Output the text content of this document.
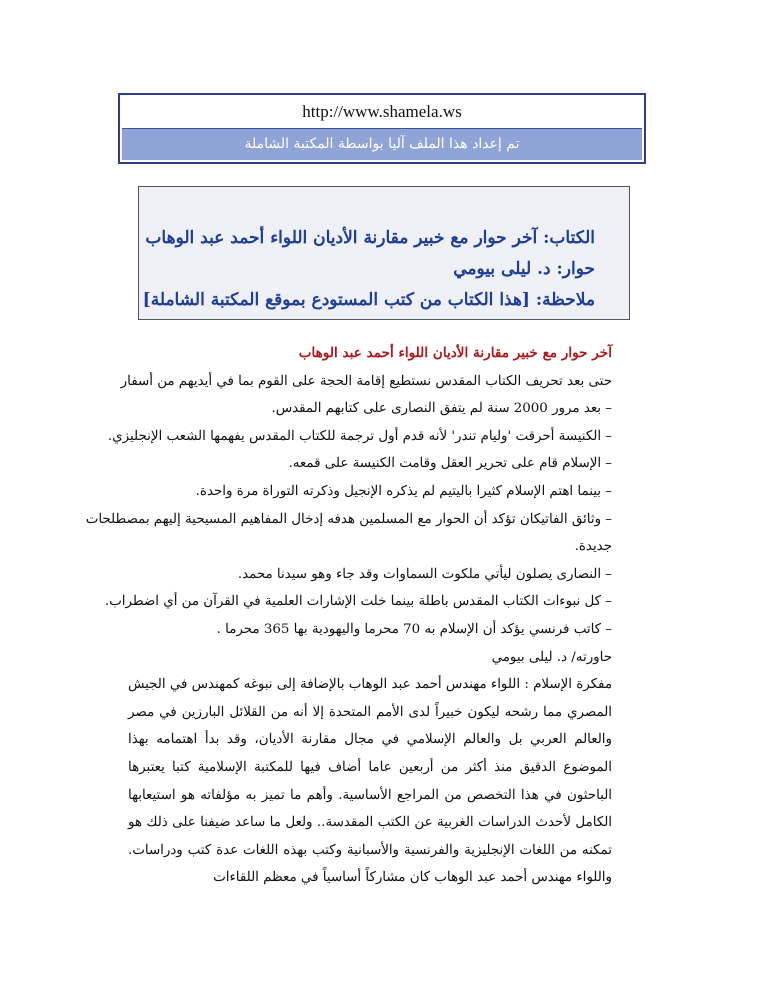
http://www.shamela.ws
تم إعداد هذا الملف آليا بواسطة المكتبة الشاملة
الكتاب: آخر حوار مع خبير مقارنة الأديان اللواء أحمد عبد الوهاب
حوار: د. ليلى بيومي
ملاحظة: [هذا الكتاب من كتب المستودع بموقع المكتبة الشاملة]

آخر حوار مع خبير مقارنة الأديان اللواء أحمد عبد الوهاب

حتى بعد تحريف الكتاب المقدس نستطيع إقامة الحجة على القوم بما في أيديهم من أسفار

– بعد مرور 2000 سنة لم يتفق النصارى على كتابهم المقدس.

– الكنيسة أحرقت 'وليام تندر' لأنه قدم أول ترجمة للكتاب المقدس يفهمها الشعب الإنجليزي.

– الإسلام قام على تحرير العقل وقامت الكنيسة على قمعه.

– بينما اهتم الإسلام كثيرا باليتيم لم يذكره الإنجيل وذكرته التوراة مرة واحدة.

– وثائق الفاتيكان تؤكد أن الحوار مع المسلمين هدفه إدخال المفاهيم المسيحية إليهم بمصطلحات

جديدة.

– النصارى يصلون ليأتي ملكوت السماوات وقد جاء وهو سيدنا محمد.

– كل نبوءات الكتاب المقدس باطلة بينما خلت الإشارات العلمية في القرآن من أي اضطراب.

– كاتب فرنسي يؤكد أن الإسلام به 70 محرما واليهودية بها 365 محرما .

حاورته/ د. ليلى بيومي

مفكرة الإسلام : اللواء مهندس أحمد عبد الوهاب بالإضافة إلى نبوغه كمهندس في الجيش المصري مما رشحه ليكون خبيراً لدى الأمم المتحدة إلا أنه من القلائل البارزين في مصر والعالم العربي بل والعالم الإسلامي في مجال مقارنة الأديان، وقد بدأ اهتمامه بهذا الموضوع الدقيق منذ أكثر من أربعين عاما أضاف فيها للمكتبة الإسلامية كتبا يعتبرها الباحثون في هذا التخصص من المراجع الأساسية. وأهم ما تميز به مؤلفاته هو استيعابها الكامل لأحدث الدراسات الغربية عن الكتب المقدسة.. ولعل ما ساعد ضيفنا على ذلك هو تمكنه من اللغات الإنجليزية والفرنسية والأسبانية وكتب بهذه اللغات عدة كتب ودراسات. واللواء مهندس أحمد عبد الوهاب كان مشاركاً أساسياً في معظم اللقاءات
